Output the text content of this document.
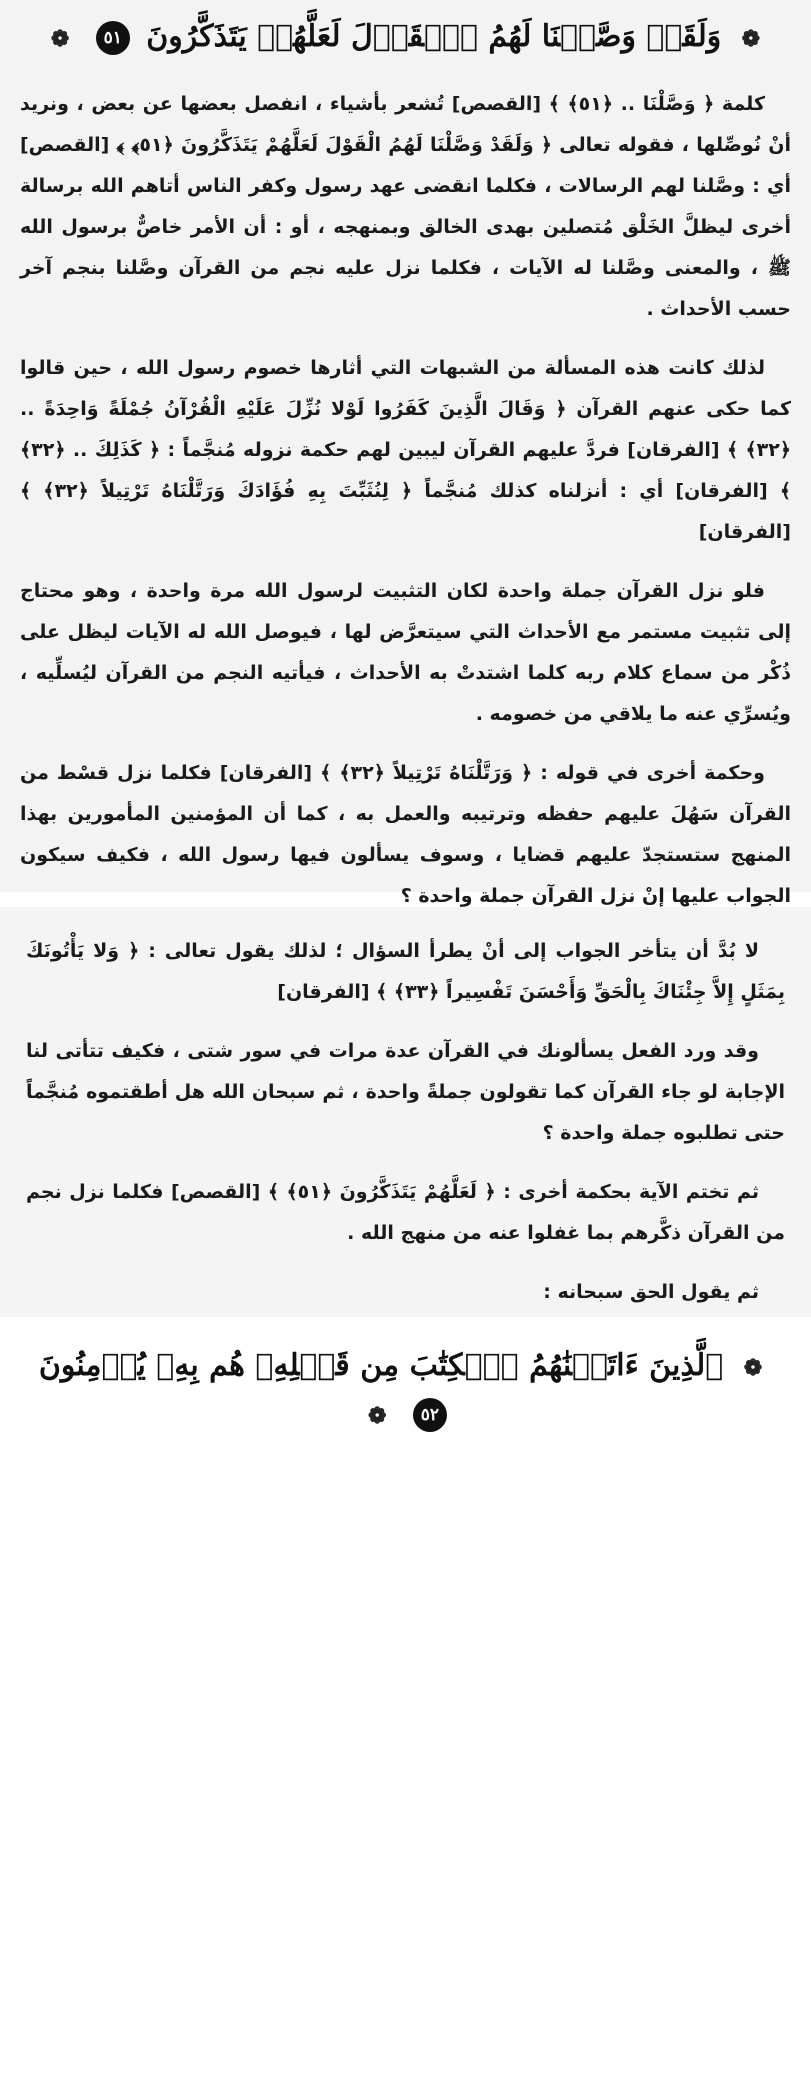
❁ وَلَقَدۡ وَصَّلۡنَا لَهُمُ ٱلۡقَوۡلَ لَعَلَّهُمۡ يَتَذَكَّرُونَ ٥١ ❁

كلمة ﴿ وَصَّلْنَا .. ﴿٥١﴾ ﴾ [القصص] تُشعر بأشياء ، انفصل بعضها عن بعض ، ونريد أنْ نُوصِّلها ، فقوله تعالى ﴿ وَلَقَدْ وَصَّلْنَا لَهُمُ الْقَوْلَ لَعَلَّهُمْ يَتَذَكَّرُونَ ﴿٥١﴾ ﴾ [القصص] أي : وصَّلنا لهم الرسالات ، فكلما انقضى عهد رسول وكفر الناس أتاهم الله برسالة أخرى ليظلَّ الخَلْق مُتصلين بهدى الخالق وبمنهجه ، أو : أن الأمر خاصٌّ برسول الله ﷺ ، والمعنى وصَّلنا له الآيات ، فكلما نزل عليه نجم من القرآن وصَّلنا بنجم آخر حسب الأحداث .

لذلك كانت هذه المسألة من الشبهات التي أثارها خصوم رسول الله ، حين قالوا كما حكى عنهم القرآن ﴿ وَقَالَ الَّذِينَ كَفَرُوا لَوْلا نُزِّلَ عَلَيْهِ الْقُرْآنُ جُمْلَةً وَاحِدَةً .. ﴿٣٢﴾ ﴾ [الفرقان] فردَّ عليهم القرآن ليبين لهم حكمة نزوله مُنجَّماً : ﴿ كَذَلِكَ .. ﴿٣٢﴾ ﴾ [الفرقان] أي : أنزلناه كذلك مُنجَّماً ﴿ لِنُثَبِّتَ بِهِ فُؤَادَكَ وَرَتَّلْنَاهُ تَرْتِيلاً ﴿٣٢﴾ ﴾ [الفرقان]

فلو نزل القرآن جملة واحدة لكان التثبيت لرسول الله مرة واحدة ، وهو محتاج إلى تثبيت مستمر مع الأحداث التي سيتعرَّض لها ، فيوصل الله له الآيات ليظل على ذُكْر من سماع كلام ربه كلما اشتدتْ به الأحداث ، فيأتيه النجم من القرآن ليُسلِّيه ، ويُسرِّي عنه ما يلاقي من خصومه .

وحكمة أخرى في قوله : ﴿ وَرَتَّلْنَاهُ تَرْتِيلاً ﴿٣٢﴾ ﴾ [الفرقان] فكلما نزل قسْط من القرآن سَهُلَ عليهم حفظه وترتيبه والعمل به ، كما أن المؤمنين المأمورين بهذا المنهج ستستجدّ عليهم قضايا ، وسوف يسألون فيها رسول الله ، فكيف سيكون الجواب عليها إنْ نزل القرآن جملة واحدة ؟

لا بُدَّ أن يتأخر الجواب إلى أنْ يطرأ السؤال ؛ لذلك يقول تعالى : ﴿ وَلا يَأْتُونَكَ بِمَثَلٍ إِلاَّ جِئْنَاكَ بِالْحَقِّ وَأَحْسَنَ تَفْسِيراً ﴿٣٣﴾ ﴾ [الفرقان]

وقد ورد الفعل يسألونك في القرآن عدة مرات في سور شتى ، فكيف تتأتى لنا الإجابة لو جاء القرآن كما تقولون جملةً واحدة ، ثم سبحان الله هل أطقتموه مُنجَّماً حتى تطلبوه جملة واحدة ؟

ثم تختم الآية بحكمة أخرى : ﴿ لَعَلَّهُمْ يَتَذَكَّرُونَ ﴿٥١﴾ ﴾ [القصص] فكلما نزل نجم من القرآن ذكَّرهم بما غفلوا عنه من منهج الله .

ثم يقول الحق سبحانه :

❁ ٱلَّذِينَ ءَاتَيۡنَٰهُمُ ٱلۡكِتَٰبَ مِن قَبۡلِهِۦ هُم بِهِۦ يُؤۡمِنُونَ ٥٢ ❁
